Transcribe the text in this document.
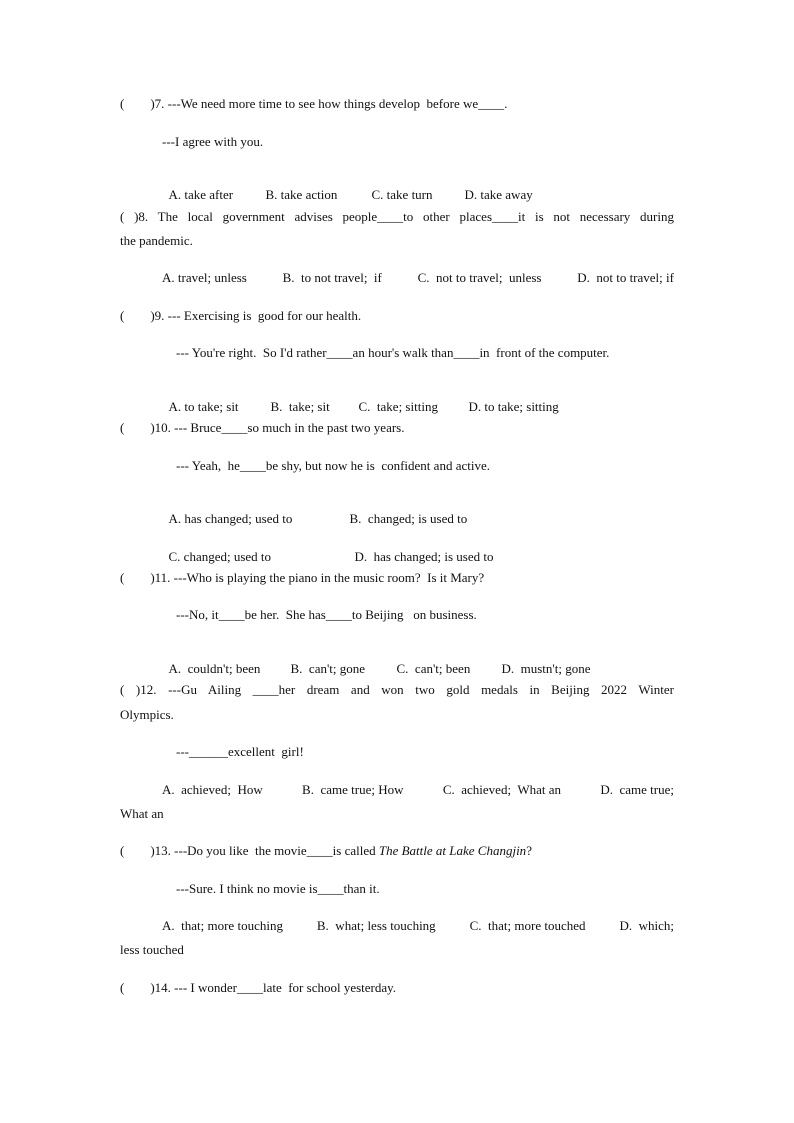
(        )7. ---We need more time to see how things develop  before we____.
---I agree with you.

A. take after B. take action	C. take turn D. take away

( )8. The local government advises people____to other places____it is not necessary during
the pandemic.
A. travel; unless	B.  to not travel;  if	C.  not to travel;  unless	D.  not to travel; if
(        )9. --- Exercising is  good for our health.
--- You're right.  So I'd rather____an hour's walk than____in  front of the computer.

A. to take; sit B.  take; sit C.  take; sitting D. to take; sitting

(        )10. --- Bruce____so much in the past two years.
--- Yeah,  he____be shy, but now he is  confident and active.

A. has changed; used to	B.  changed; is used to

C. changed; used to	D.  has changed; is used to

(        )11. ---Who is playing the piano in the music room?  Is it Mary?
---No, it____be her.  She has____to Beijing   on business.

A.  couldn't; been B.  can't; gone C.  can't; been D.  mustn't; gone

( )12. ---Gu Ailing ____her dream and won two gold medals in Beijing 2022 Winter
Olympics.
---______excellent  girl!
A.  achieved;  How	B.  came true; How	C.  achieved;  What an	D.  came true;
What an
(        )13. ---Do you like  the movie____is called The Battle at Lake Changjin?
---Sure. I think no movie is____than it.
A.  that; more touching	B.  what; less touching	C.  that; more touched	D.  which;
less touched
(        )14. --- I wonder____late  for school yesterday.
